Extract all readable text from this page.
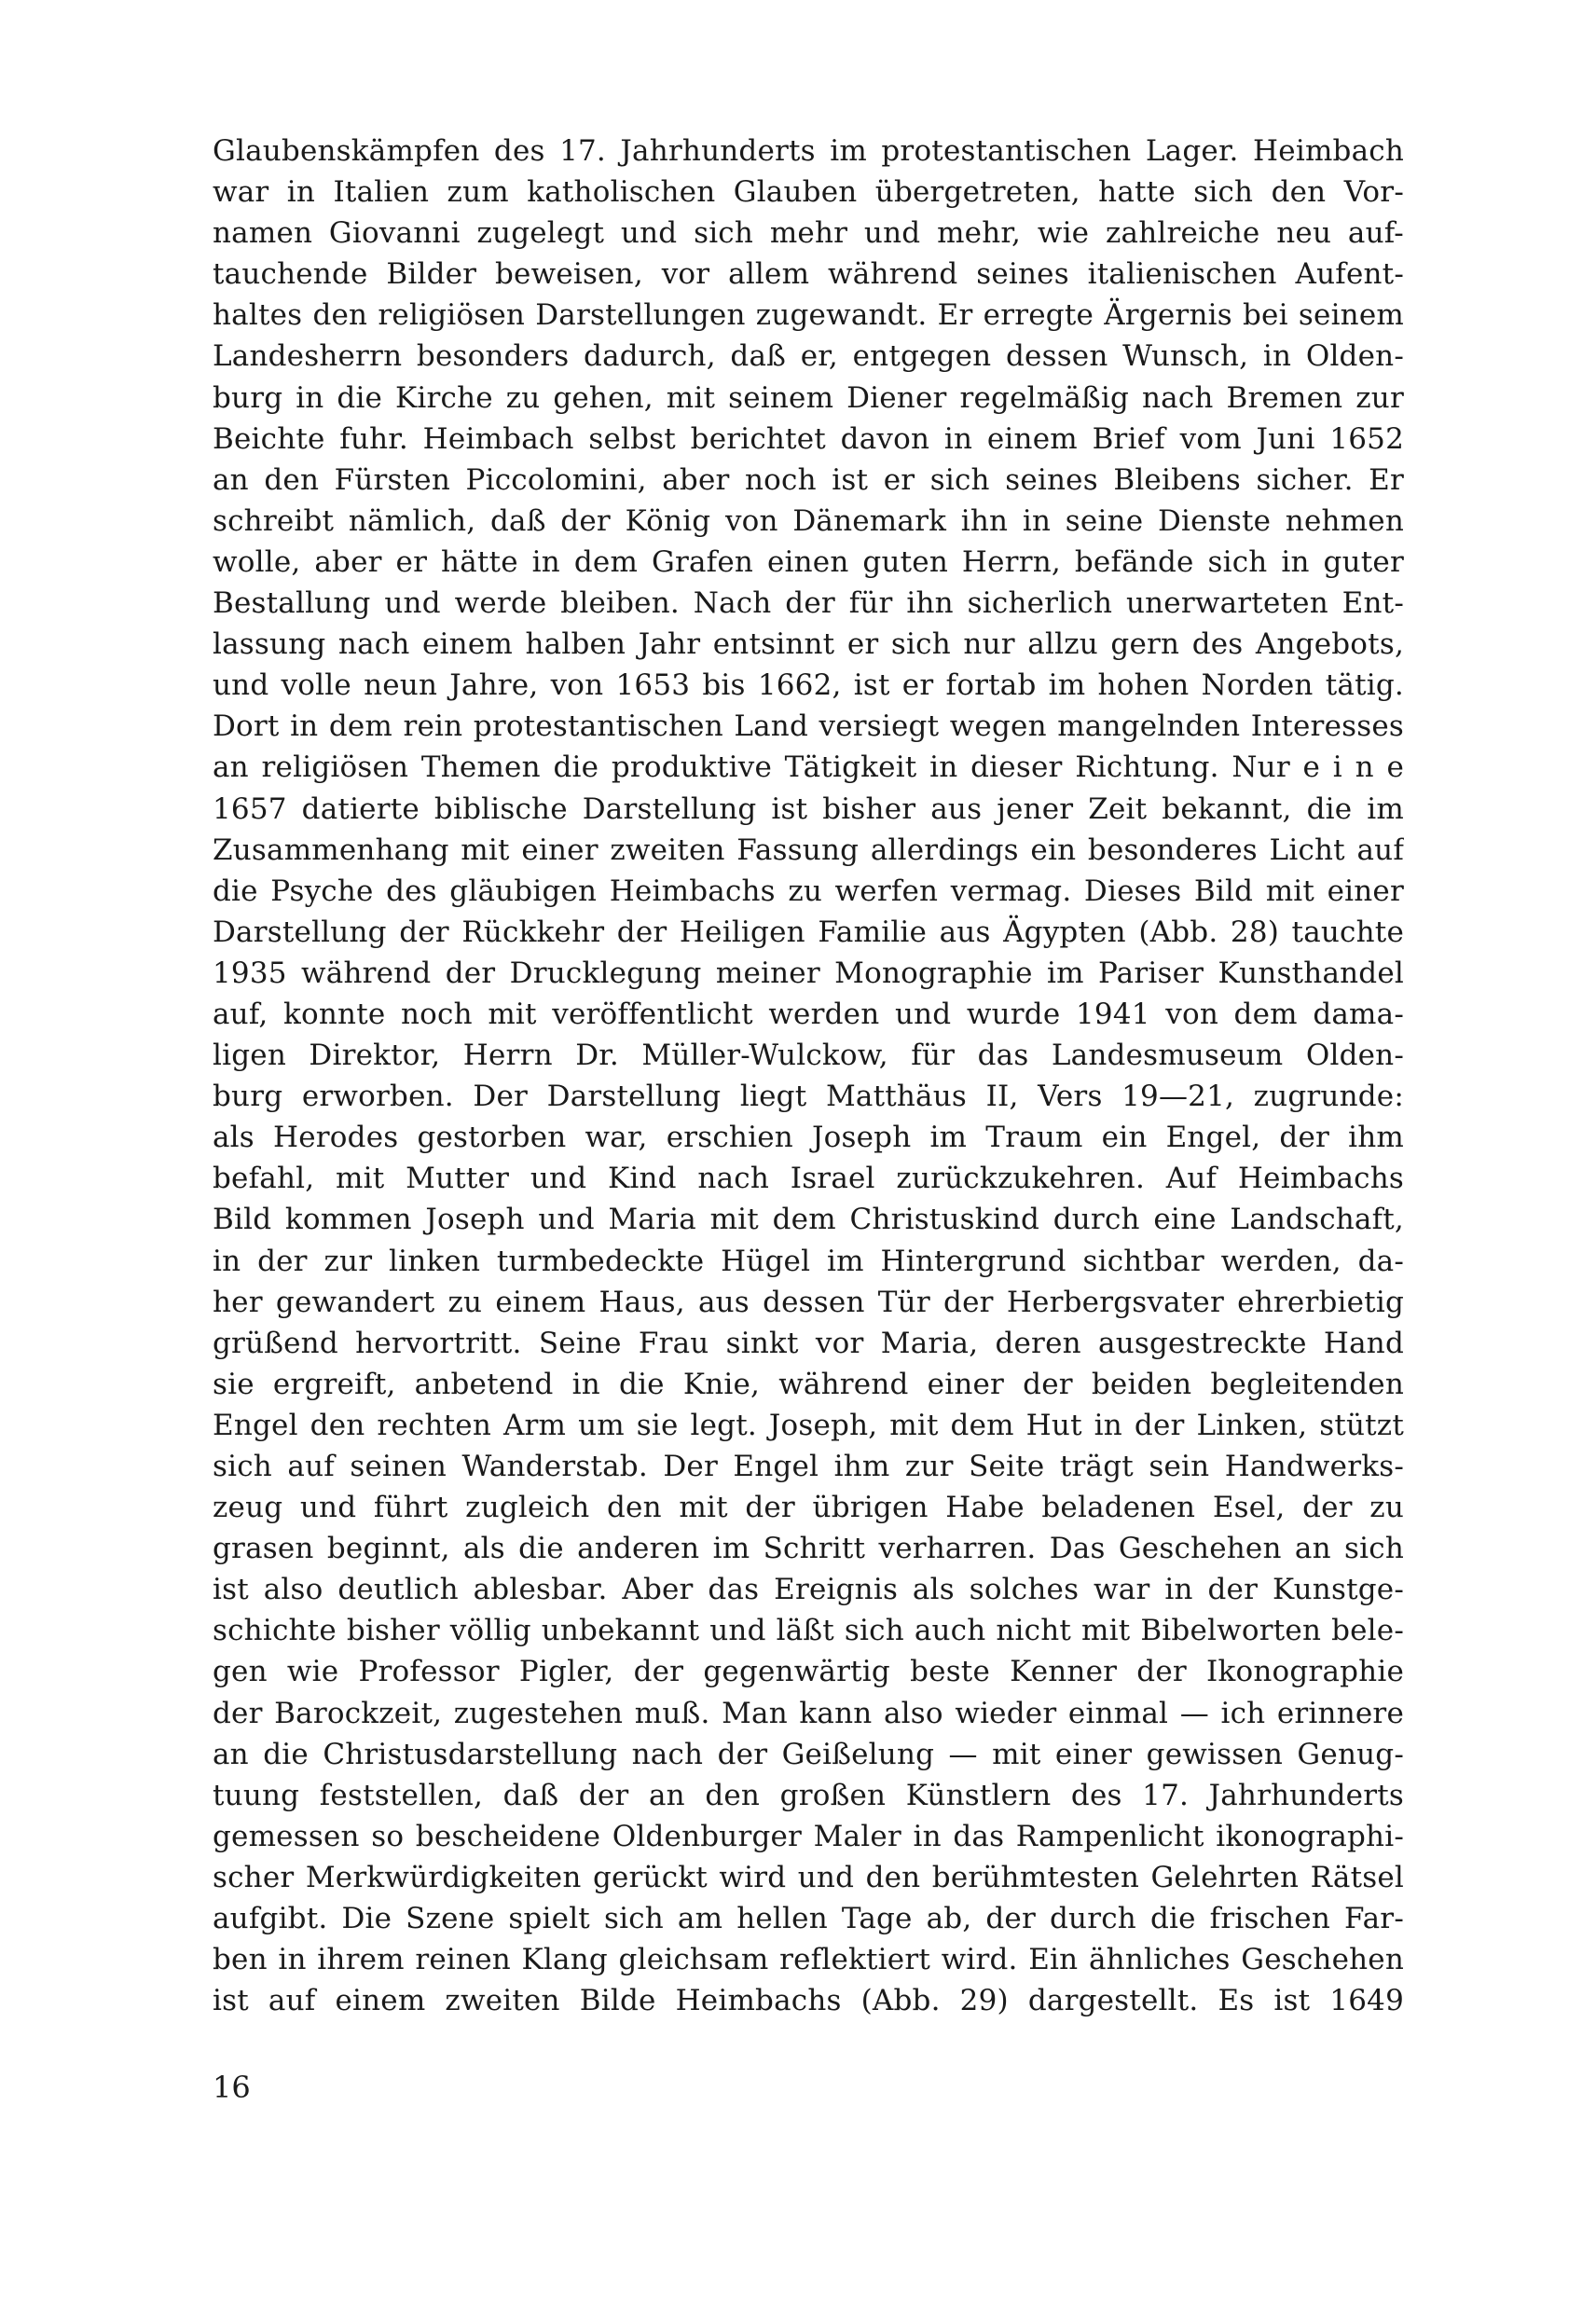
Glaubenskämpfen des 17. Jahrhunderts im protestantischen Lager. Heimbach
war in Italien zum katholischen Glauben übergetreten, hatte sich den Vor-
namen Giovanni zugelegt und sich mehr und mehr, wie zahlreiche neu auf-
tauchende Bilder beweisen, vor allem während seines italienischen Aufent-
haltes den religiösen Darstellungen zugewandt. Er erregte Ärgernis bei seinem
Landesherrn besonders dadurch, daß er, entgegen dessen Wunsch, in Olden-
burg in die Kirche zu gehen, mit seinem Diener regelmäßig nach Bremen zur
Beichte fuhr. Heimbach selbst berichtet davon in einem Brief vom Juni 1652
an den Fürsten Piccolomini, aber noch ist er sich seines Bleibens sicher. Er
schreibt nämlich, daß der König von Dänemark ihn in seine Dienste nehmen
wolle, aber er hätte in dem Grafen einen guten Herrn, befände sich in guter
Bestallung und werde bleiben. Nach der für ihn sicherlich unerwarteten Ent-
lassung nach einem halben Jahr entsinnt er sich nur allzu gern des Angebots,
und volle neun Jahre, von 1653 bis 1662, ist er fortab im hohen Norden tätig.
Dort in dem rein protestantischen Land versiegt wegen mangelnden Interesses
an religiösen Themen die produktive Tätigkeit in dieser Richtung. Nur e i n e
1657 datierte biblische Darstellung ist bisher aus jener Zeit bekannt, die im
Zusammenhang mit einer zweiten Fassung allerdings ein besonderes Licht auf
die Psyche des gläubigen Heimbachs zu werfen vermag. Dieses Bild mit einer
Darstellung der Rückkehr der Heiligen Familie aus Ägypten (Abb. 28) tauchte
1935 während der Drucklegung meiner Monographie im Pariser Kunsthandel
auf, konnte noch mit veröffentlicht werden und wurde 1941 von dem dama-
ligen Direktor, Herrn Dr. Müller-Wulckow, für das Landesmuseum Olden-
burg erworben. Der Darstellung liegt Matthäus II, Vers 19—21, zugrunde:
als Herodes gestorben war, erschien Joseph im Traum ein Engel, der ihm
befahl, mit Mutter und Kind nach Israel zurückzukehren. Auf Heimbachs
Bild kommen Joseph und Maria mit dem Christuskind durch eine Landschaft,
in der zur linken turmbedeckte Hügel im Hintergrund sichtbar werden, da-
her gewandert zu einem Haus, aus dessen Tür der Herbergsvater ehrerbietig
grüßend hervortritt. Seine Frau sinkt vor Maria, deren ausgestreckte Hand
sie ergreift, anbetend in die Knie, während einer der beiden begleitenden
Engel den rechten Arm um sie legt. Joseph, mit dem Hut in der Linken, stützt
sich auf seinen Wanderstab. Der Engel ihm zur Seite trägt sein Handwerks-
zeug und führt zugleich den mit der übrigen Habe beladenen Esel, der zu
grasen beginnt, als die anderen im Schritt verharren. Das Geschehen an sich
ist also deutlich ablesbar. Aber das Ereignis als solches war in der Kunstge-
schichte bisher völlig unbekannt und läßt sich auch nicht mit Bibelworten bele-
gen wie Professor Pigler, der gegenwärtig beste Kenner der Ikonographie
der Barockzeit, zugestehen muß. Man kann also wieder einmal — ich erinnere
an die Christusdarstellung nach der Geißelung — mit einer gewissen Genug-
tuung feststellen, daß der an den großen Künstlern des 17. Jahrhunderts
gemessen so bescheidene Oldenburger Maler in das Rampenlicht ikonographi-
scher Merkwürdigkeiten gerückt wird und den berühmtesten Gelehrten Rätsel
aufgibt. Die Szene spielt sich am hellen Tage ab, der durch die frischen Far-
ben in ihrem reinen Klang gleichsam reflektiert wird. Ein ähnliches Geschehen
ist auf einem zweiten Bilde Heimbachs (Abb. 29) dargestellt. Es ist 1649
16
